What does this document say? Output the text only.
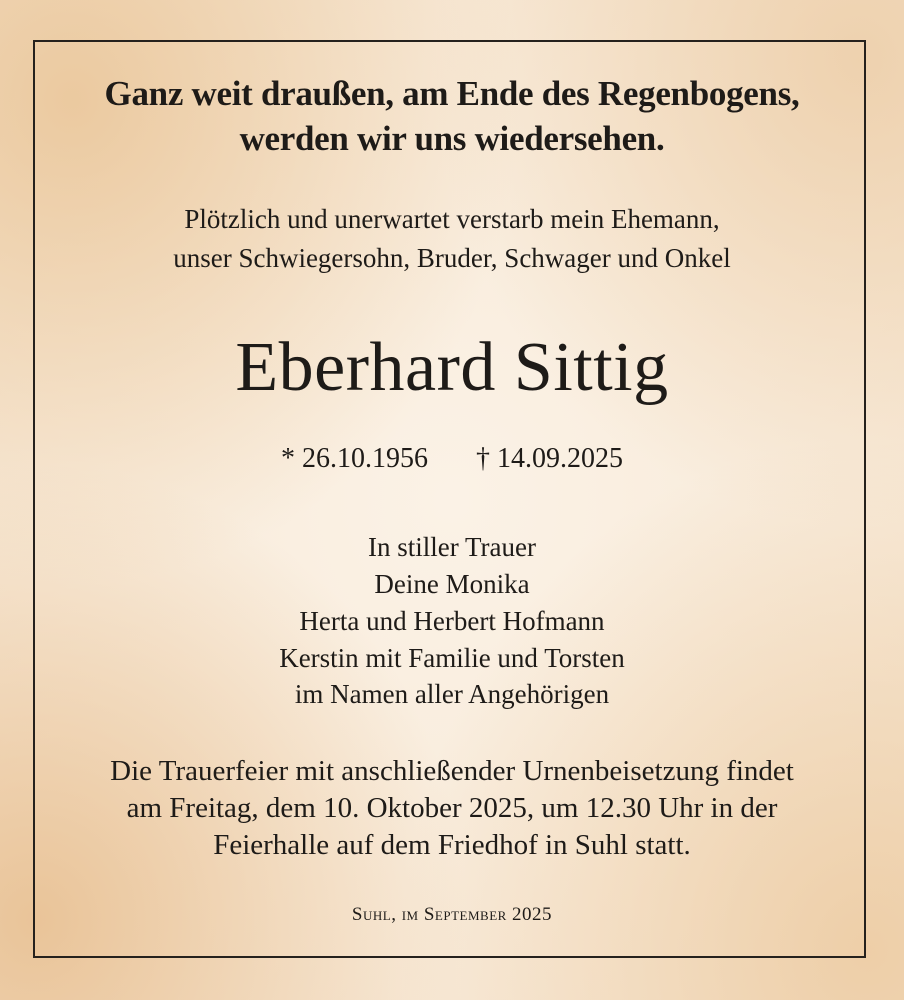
Ganz weit draußen, am Ende des Regenbogens,
werden wir uns wiedersehen.
Plötzlich und unerwartet verstarb mein Ehemann,
unser Schwiegersohn, Bruder, Schwager und Onkel
Eberhard Sittig
* 26.10.1956 † 14.09.2025
In stiller Trauer
Deine Monika
Herta und Herbert Hofmann
Kerstin mit Familie und Torsten
im Namen aller Angehörigen
Die Trauerfeier mit anschließender Urnenbeisetzung findet
am Freitag, dem 10. Oktober 2025, um 12.30 Uhr in der
Feierhalle auf dem Friedhof in Suhl statt.
Suhl, im September 2025
